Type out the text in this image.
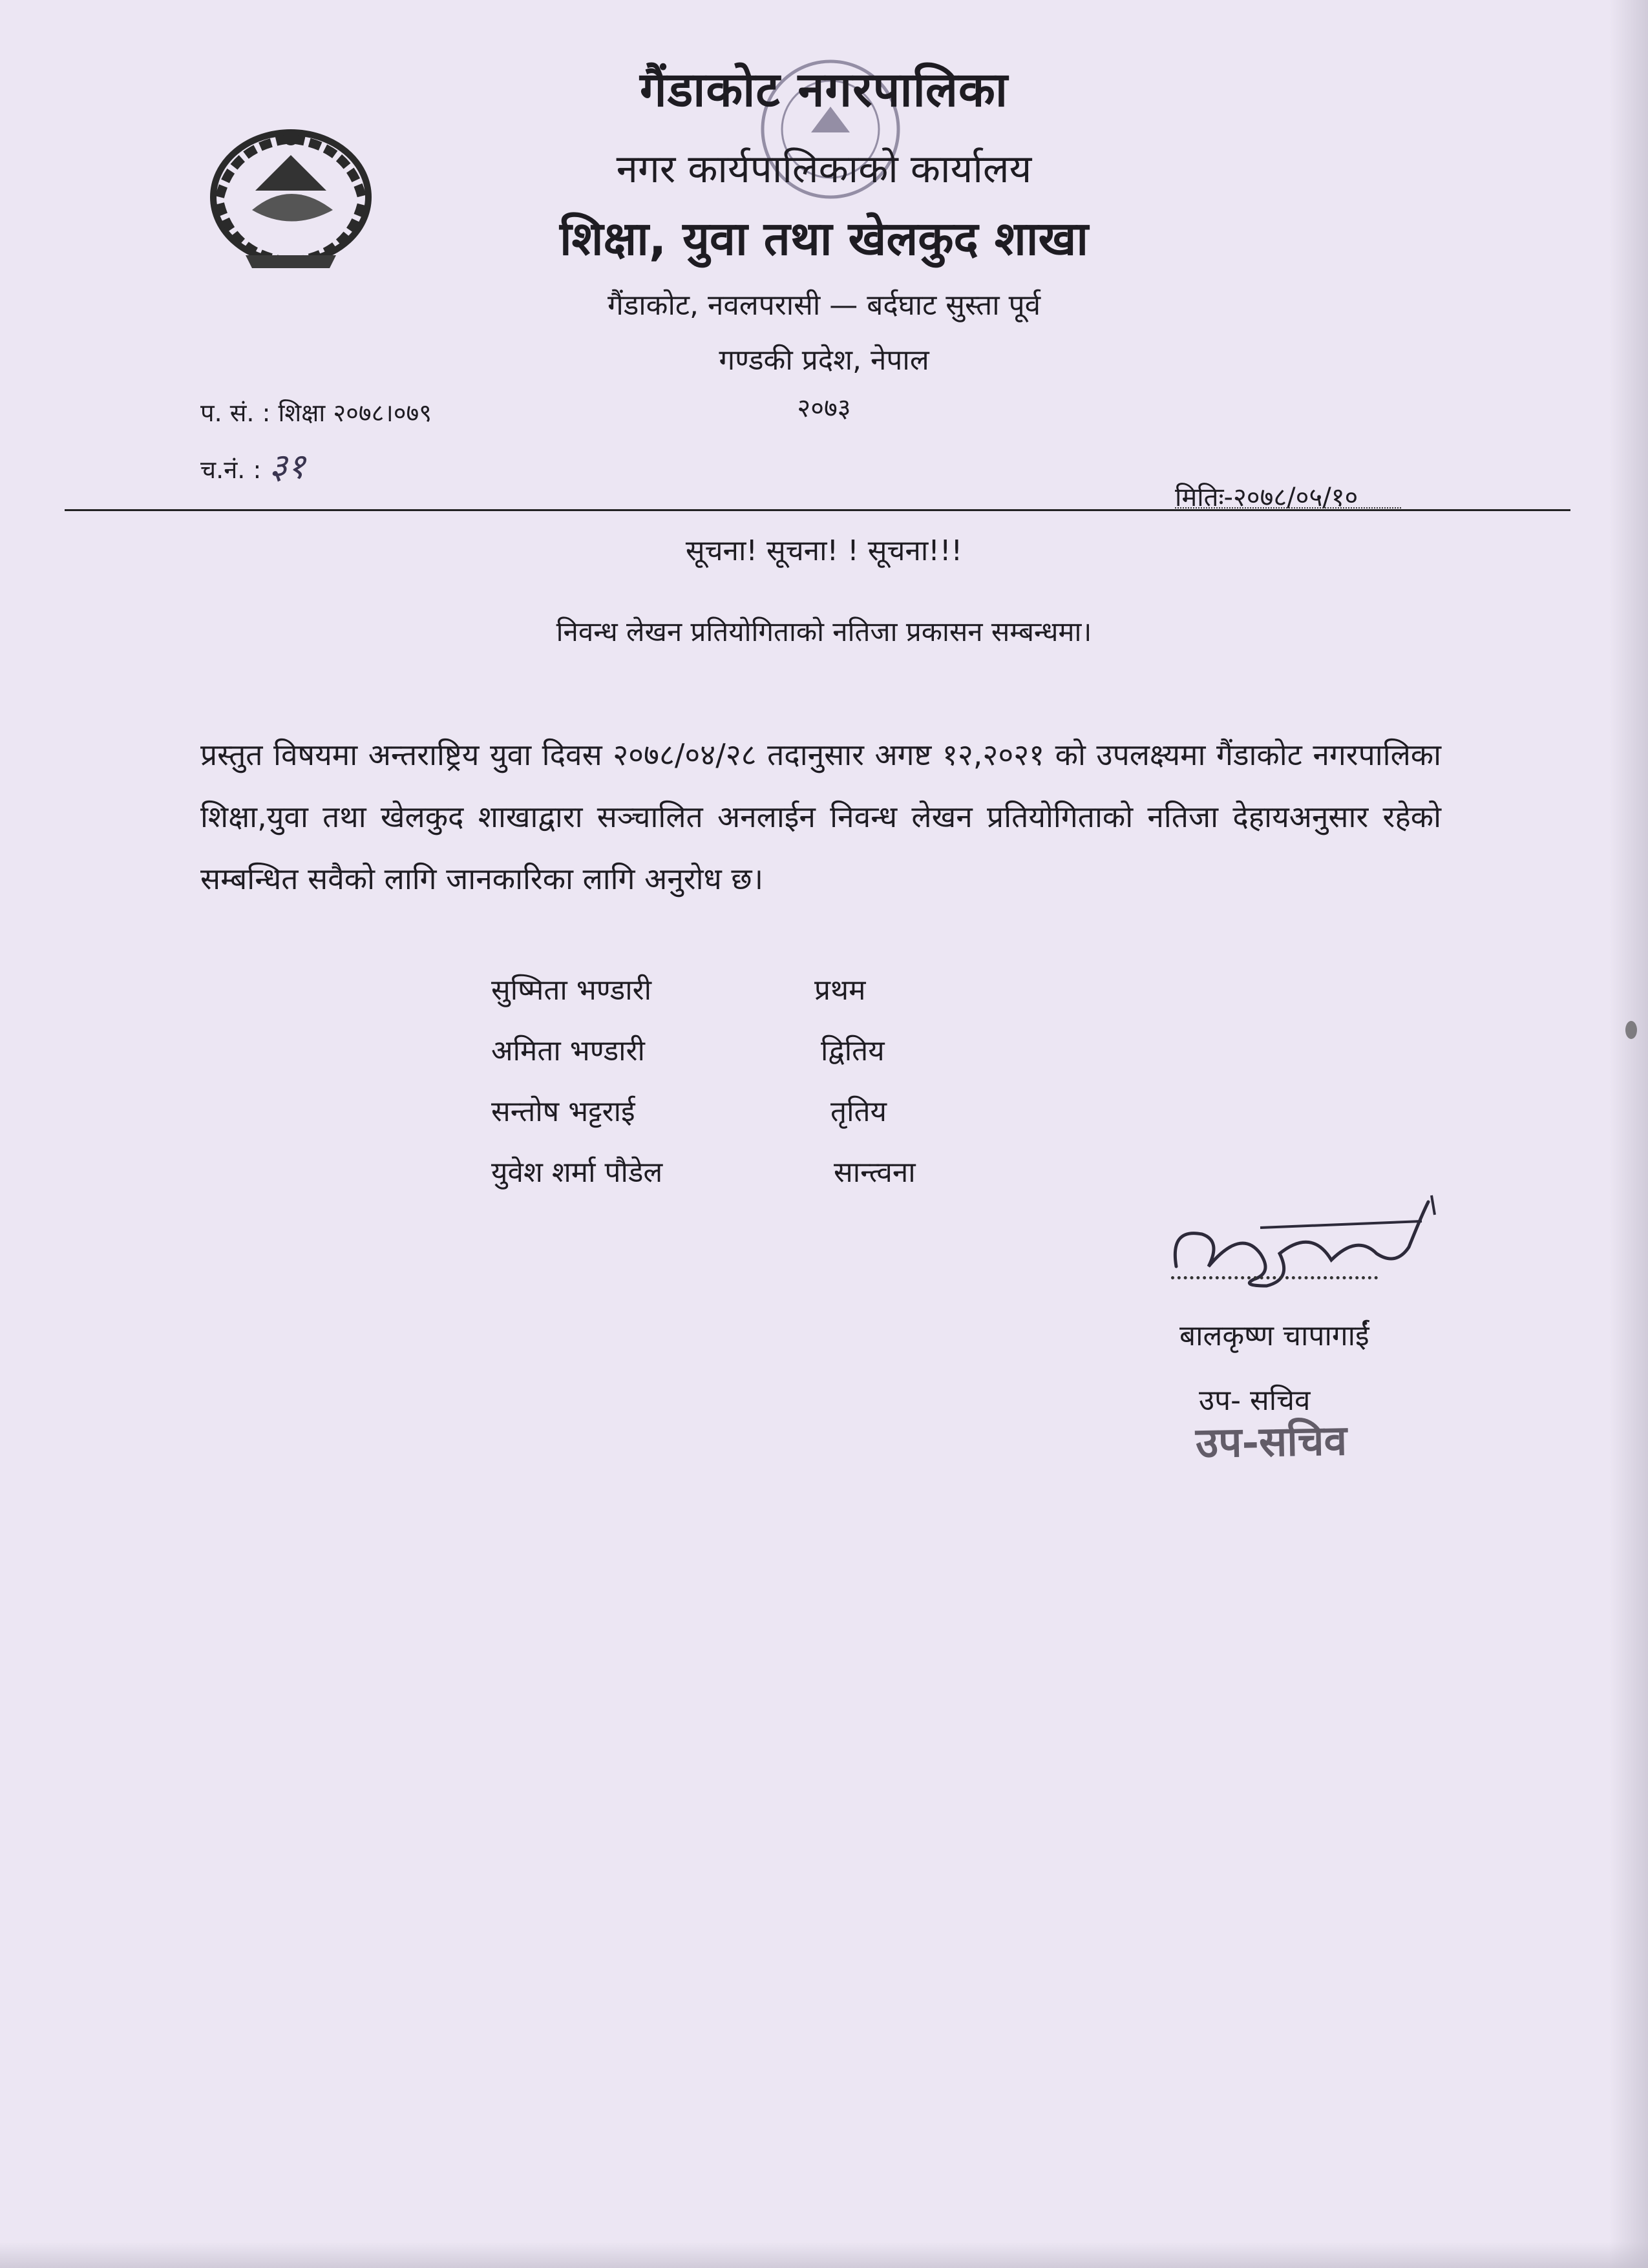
गैंडाकोट नगरपालिका
नगर कार्यपालिकाको कार्यालय
शिक्षा, युवा तथा खेलकुद शाखा
गैंडाकोट, नवलपरासी — बर्दघाट सुस्ता पूर्व
गण्डकी प्रदेश, नेपाल
२०७३
प. सं. : शिक्षा २०७८।०७९
च.नं. : ३१
मितिः-२०७८/०५/१०
सूचना! सूचना! ! सूचना!!!
निवन्ध लेखन प्रतियोगिताको नतिजा प्रकासन सम्बन्धमा।
प्रस्तुत विषयमा अन्तराष्ट्रिय युवा दिवस २०७८/०४/२८ तदानुसार अगष्ट १२,२०२१ को उपलक्ष्यमा गैंडाकोट नगरपालिका शिक्षा,युवा तथा खेलकुद शाखाद्वारा सञ्चालित अनलाईन निवन्ध लेखन प्रतियोगिताको नतिजा देहायअनुसार रहेको सम्बन्धित सवैको लागि जानकारिका लागि अनुरोध छ।
सुष्मिता भण्डारी	प्रथम
अमिता भण्डारी	द्वितिय
सन्तोष भट्टराई	तृतिय
युवेश शर्मा पौडेल	सान्त्वना
बालकृष्ण चापागाईं
उप- सचिव
उप-सचिव
